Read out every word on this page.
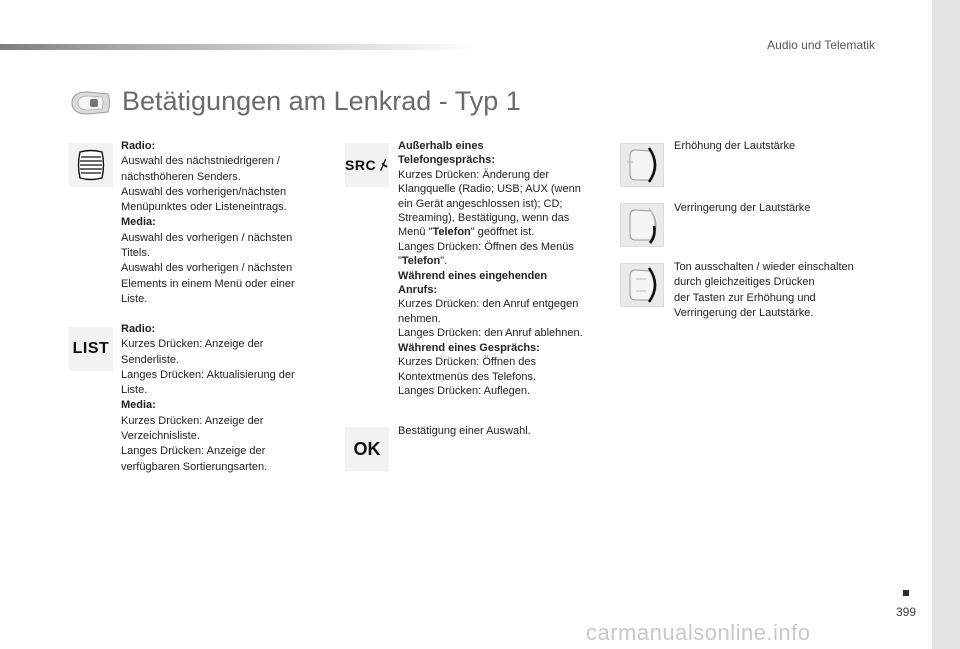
Audio und Telematik
Betätigungen am Lenkrad - Typ 1

Radio:

Auswahl des nächstniedrigeren /

nächsthöheren Senders.

Auswahl des vorherigen/nächsten

Menüpunktes oder Listeneintrags.

Media:

Auswahl des vorherigen / nächsten

Titels.

Auswahl des vorherigen / nächsten

Elements in einem Menü oder einer

Liste.

LIST

Radio:

Kurzes Drücken: Anzeige der

Senderliste.

Langes Drücken: Aktualisierung der

Liste.

Media:

Kurzes Drücken: Anzeige der

Verzeichnisliste.

Langes Drücken: Anzeige der

verfügbaren Sortierungsarten.

SRC

Außerhalb eines

Telefongesprächs:

Kurzes Drücken: Änderung der

Klangquelle (Radio; USB; AUX (wenn

ein Gerät angeschlossen ist); CD;

Streaming), Bestätigung, wenn das

Menü "Telefon" geöffnet ist.

Langes Drücken: Öffnen des Menüs

"Telefon".

Während eines eingehenden

Anrufs:

Kurzes Drücken: den Anruf entgegen

nehmen.

Langes Drücken: den Anruf ablehnen.

Während eines Gesprächs:

Kurzes Drücken: Öffnen des

Kontextmenüs des Telefons.

Langes Drücken: Auflegen.

OK

Bestätigung einer Auswahl.

Erhöhung der Lautstärke

Verringerung der Lautstärke

Ton ausschalten / wieder einschalten

durch gleichzeitiges Drücken

der Tasten zur Erhöhung und

Verringerung der Lautstärke.

399
carmanualsonline.info
